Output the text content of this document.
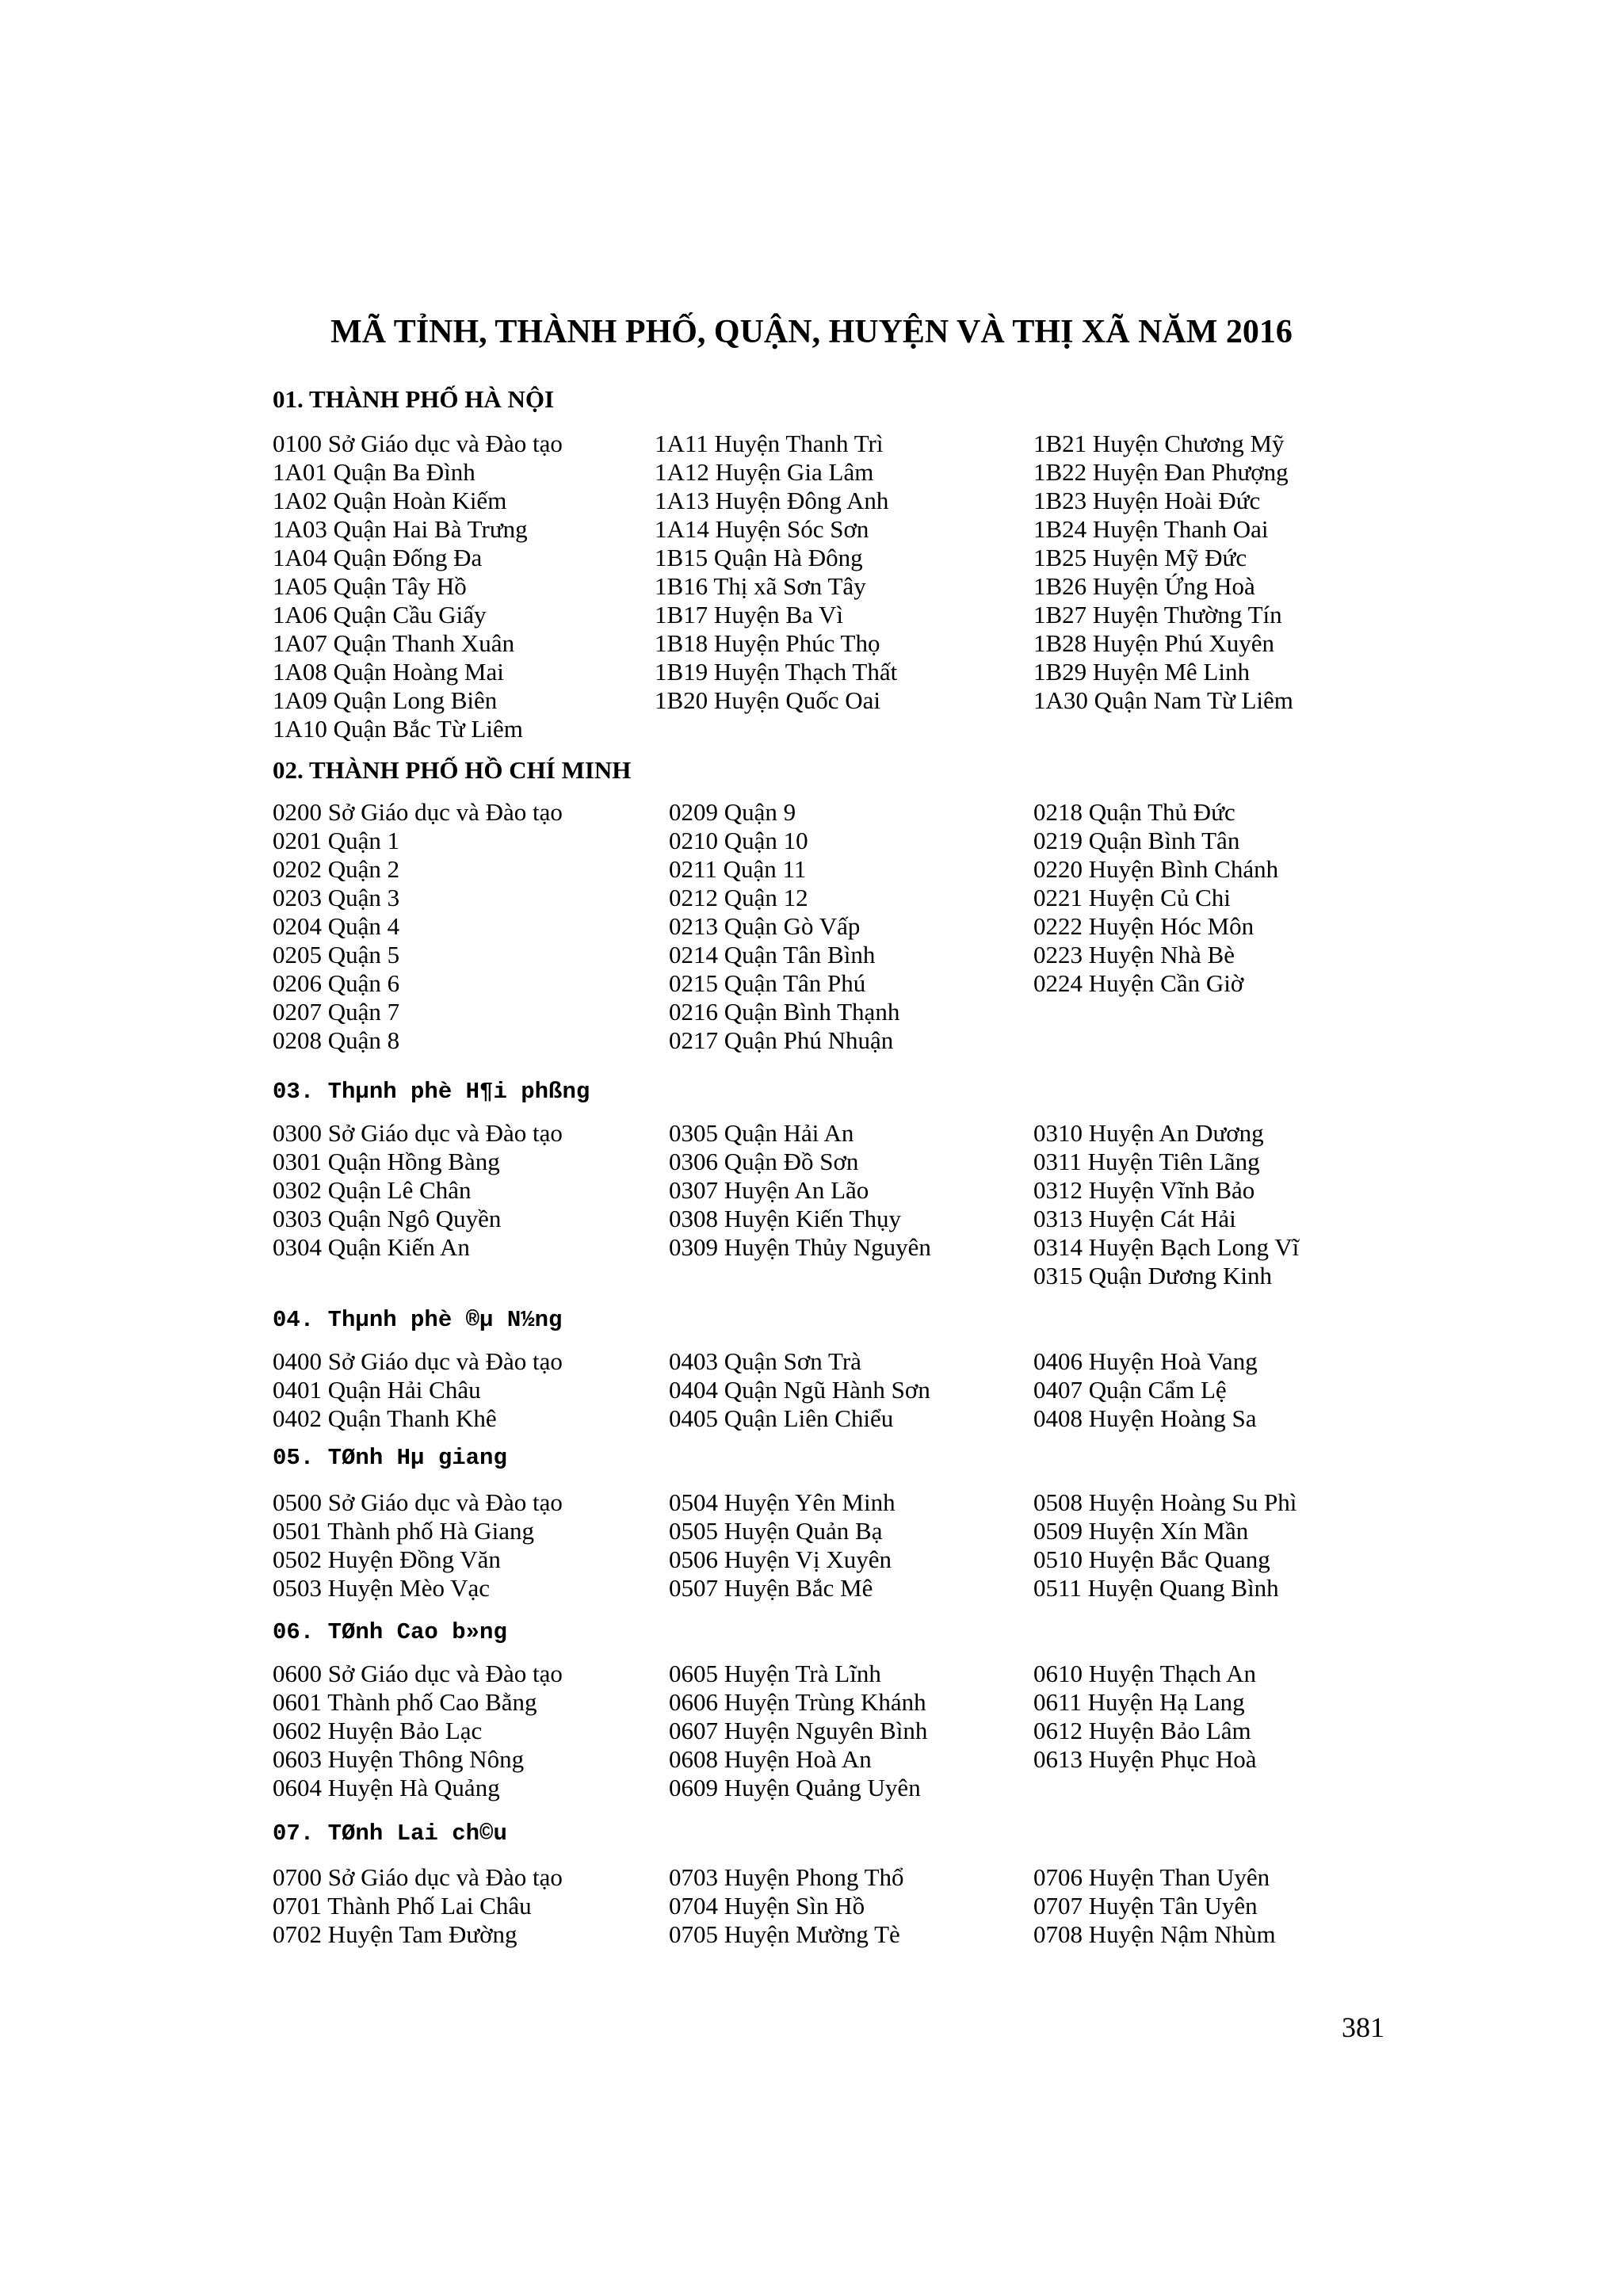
MÃ TỈNH, THÀNH PHỐ, QUẬN, HUYỆN VÀ THỊ XÃ NĂM 2016
01. THÀNH PHỐ HÀ NỘI
0100 Sở Giáo dục và Đào tạo
1A01 Quận Ba Đình
1A02 Quận Hoàn Kiếm
1A03 Quận Hai Bà Trưng
1A04 Quận Đống Đa
1A05 Quận Tây Hồ
1A06 Quận Cầu Giấy
1A07 Quận Thanh Xuân
1A08 Quận Hoàng Mai
1A09 Quận Long Biên
1A10 Quận Bắc Từ Liêm
1A11 Huyện Thanh Trì
1A12 Huyện Gia Lâm
1A13 Huyện Đông Anh
1A14 Huyện Sóc Sơn
1B15 Quận Hà Đông
1B16 Thị xã Sơn Tây
1B17 Huyện Ba Vì
1B18 Huyện Phúc Thọ
1B19 Huyện Thạch Thất
1B20 Huyện Quốc Oai
1B21 Huyện Chương Mỹ
1B22 Huyện Đan Phượng
1B23 Huyện Hoài Đức
1B24 Huyện Thanh Oai
1B25 Huyện Mỹ Đức
1B26 Huyện Ứng Hoà
1B27 Huyện Thường Tín
1B28 Huyện Phú Xuyên
1B29 Huyện Mê Linh
1A30 Quận Nam Từ Liêm
02. THÀNH PHỐ HỒ CHÍ MINH
0200 Sở Giáo dục và Đào tạo
0201 Quận 1
0202 Quận 2
0203 Quận 3
0204 Quận 4
0205 Quận 5
0206 Quận 6
0207 Quận 7
0208 Quận 8
0209 Quận 9
0210 Quận 10
0211 Quận 11
0212 Quận 12
0213 Quận Gò Vấp
0214 Quận Tân Bình
0215 Quận Tân Phú
0216 Quận Bình Thạnh
0217 Quận Phú Nhuận
0218 Quận Thủ Đức
0219 Quận Bình Tân
0220 Huyện Bình Chánh
0221 Huyện Củ Chi
0222 Huyện Hóc Môn
0223 Huyện Nhà Bè
0224 Huyện Cần Giờ
03. Thµnh phè H¶i phßng
0300 Sở Giáo dục và Đào tạo
0301 Quận Hồng Bàng
0302 Quận Lê Chân
0303 Quận Ngô Quyền
0304 Quận Kiến An
0305 Quận Hải An
0306 Quận Đồ Sơn
0307 Huyện An Lão
0308 Huyện Kiến Thụy
0309 Huyện Thủy Nguyên
0310 Huyện An Dương
0311 Huyện Tiên Lãng
0312 Huyện Vĩnh Bảo
0313 Huyện Cát Hải
0314 Huyện Bạch Long Vĩ
0315 Quận Dương Kinh
04. Thµnh phè ®µ N½ng
0400 Sở Giáo dục và Đào tạo
0401 Quận Hải Châu
0402 Quận Thanh Khê
0403 Quận Sơn Trà
0404 Quận Ngũ Hành Sơn
0405 Quận Liên Chiểu
0406 Huyện Hoà Vang
0407 Quận Cẩm Lệ
0408 Huyện Hoàng Sa
05. TØnh Hµ giang
0500 Sở Giáo dục và Đào tạo
0501 Thành phố Hà Giang
0502 Huyện Đồng Văn
0503 Huyện Mèo Vạc
0504 Huyện Yên Minh
0505 Huyện Quản Bạ
0506 Huyện Vị Xuyên
0507 Huyện Bắc Mê
0508 Huyện Hoàng Su Phì
0509 Huyện Xín Mần
0510 Huyện Bắc Quang
0511 Huyện Quang Bình
06. TØnh Cao b»ng
0600 Sở Giáo dục và Đào tạo
0601 Thành phố Cao Bằng
0602 Huyện Bảo Lạc
0603 Huyện Thông Nông
0604 Huyện Hà Quảng
0605 Huyện Trà Lĩnh
0606 Huyện Trùng Khánh
0607 Huyện Nguyên Bình
0608 Huyện Hoà An
0609 Huyện Quảng Uyên
0610 Huyện Thạch An
0611 Huyện Hạ Lang
0612 Huyện Bảo Lâm
0613 Huyện Phục Hoà
07. TØnh Lai ch©u
0700 Sở Giáo dục và Đào tạo
0701 Thành Phố Lai Châu
0702 Huyện Tam Đường
0703 Huyện Phong Thổ
0704 Huyện Sìn Hồ
0705 Huyện Mường Tè
0706 Huyện Than Uyên
0707 Huyện Tân Uyên
0708 Huyện Nậm Nhùm
381
